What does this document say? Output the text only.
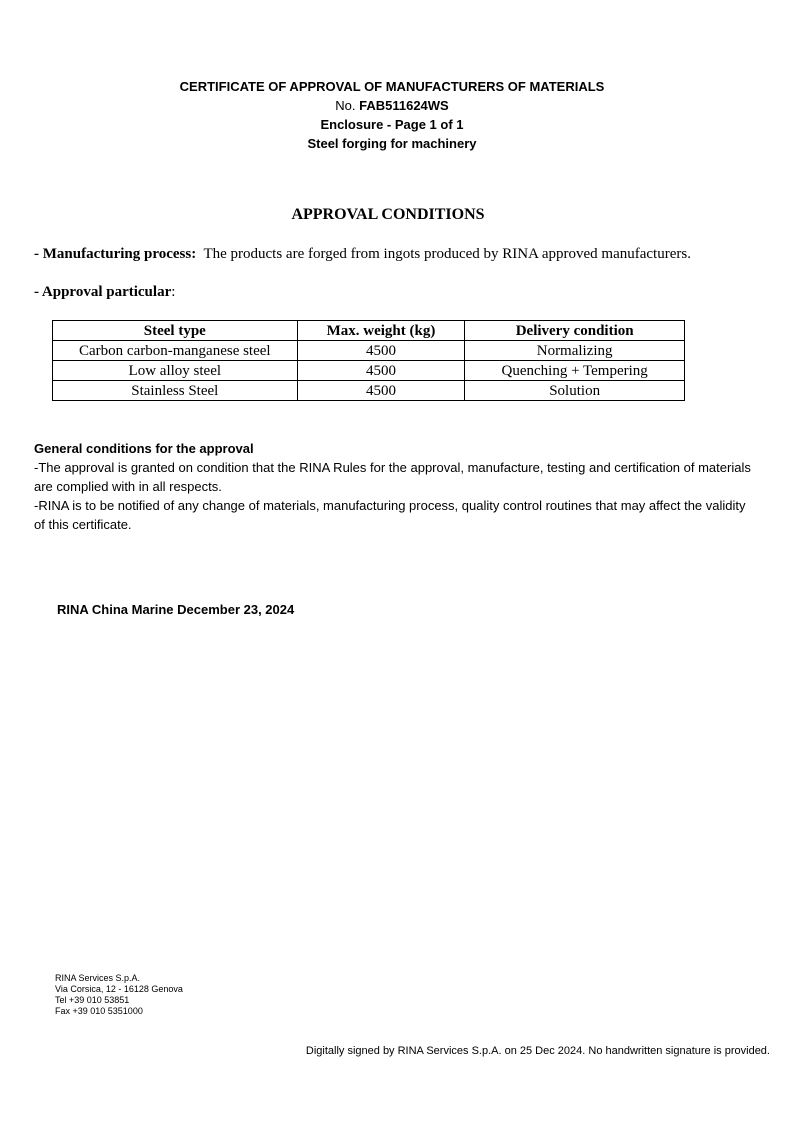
CERTIFICATE OF APPROVAL OF MANUFACTURERS OF MATERIALS
No. FAB511624WS
Enclosure - Page 1 of 1
Steel forging for machinery
APPROVAL CONDITIONS
- Manufacturing process: The products are forged from ingots produced by RINA approved manufacturers.
- Approval particular:
Steel type	Max. weight (kg)	Delivery condition
Carbon carbon-manganese steel	4500	Normalizing
Low alloy steel	4500	Quenching + Tempering
Stainless Steel	4500	Solution
General conditions for the approval

-The approval is granted on condition that the RINA Rules for the approval, manufacture, testing and certification of materials are complied with in all respects.

-RINA is to be notified of any change of materials, manufacturing process, quality control routines that may affect the validity of this certificate.

RINA China Marine December 23, 2024
RINA Services S.p.A.
Via Corsica, 12 - 16128 Genova
Tel +39 010 53851
Fax +39 010 5351000
Digitally signed by RINA Services S.p.A. on 25 Dec 2024. No handwritten signature is provided.
